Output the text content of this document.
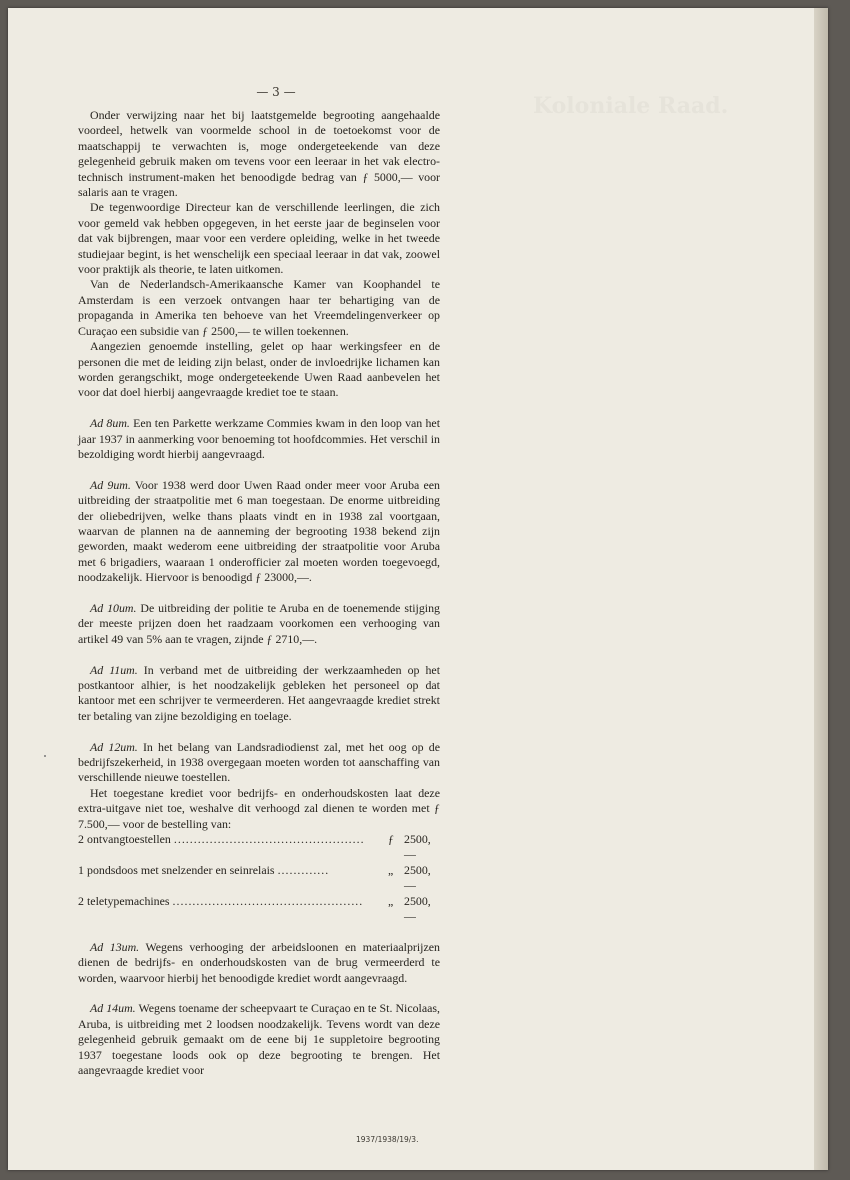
Koloniale Raad.
— 3 —

Onder verwijzing naar het bij laatstgemelde begrooting aangehaalde voordeel, hetwelk van voormelde school in de toetoekomst voor de maatschappij te verwachten is, moge ondergeteekende van deze gelegenheid gebruik maken om tevens voor een leeraar in het vak electro-technisch instrument-maken het benoodigde bedrag van ƒ 5000,— voor salaris aan te vragen.

De tegenwoordige Directeur kan de verschillende leerlingen, die zich voor gemeld vak hebben opgegeven, in het eerste jaar de beginselen voor dat vak bijbrengen, maar voor een verdere opleiding, welke in het tweede studiejaar begint, is het wenschelijk een speciaal leeraar in dat vak, zoowel voor praktijk als theorie, te laten uitkomen.

Van de Nederlandsch-Amerikaansche Kamer van Koophandel te Amsterdam is een verzoek ontvangen haar ter behartiging van de propaganda in Amerika ten behoeve van het Vreemdelingenverkeer op Curaçao een subsidie van ƒ 2500,— te willen toekennen.

Aangezien genoemde instelling, gelet op haar werkingsfeer en de personen die met de leiding zijn belast, onder de invloedrijke lichamen kan worden gerangschikt, moge ondergeteekende Uwen Raad aanbevelen het voor dat doel hierbij aangevraagde krediet toe te staan.

Ad 8um. Een ten Parkette werkzame Commies kwam in den loop van het jaar 1937 in aanmerking voor benoeming tot hoofdcommies. Het verschil in bezoldiging wordt hierbij aangevraagd.

Ad 9um. Voor 1938 werd door Uwen Raad onder meer voor Aruba een uitbreiding der straatpolitie met 6 man toegestaan. De enorme uitbreiding der oliebedrijven, welke thans plaats vindt en in 1938 zal voortgaan, waarvan de plannen na de aanneming der begrooting 1938 bekend zijn geworden, maakt wederom eene uitbreiding der straatpolitie voor Aruba met 6 brigadiers, waaraan 1 onderofficier zal moeten worden toegevoegd, noodzakelijk. Hiervoor is benoodigd ƒ 23000,—.

Ad 10um. De uitbreiding der politie te Aruba en de toenemende stijging der meeste prijzen doen het raadzaam voorkomen een verhooging van artikel 49 van 5% aan te vragen, zijnde ƒ 2710,—.

Ad 11um. In verband met de uitbreiding der werkzaamheden op het postkantoor alhier, is het noodzakelijk gebleken het personeel op dat kantoor met een schrijver te vermeerderen. Het aangevraagde krediet strekt ter betaling van zijne bezoldiging en toelage.

Ad 12um. In het belang van Landsradiodienst zal, met het oog op de bedrijfszekerheid, in 1938 overgegaan moeten worden tot aanschaffing van verschillende nieuwe toestellen.

Het toegestane krediet voor bedrijfs- en onderhoudskosten laat deze extra-uitgave niet toe, weshalve dit verhoogd zal dienen te worden met ƒ 7.500,— voor de bestelling van:

2 ontvangtoestellen ................................................	ƒ 2500,—
1 pondsdoos met snelzender en seinrelais .............	„ 2500,—
2 teletypemachines ................................................	„ 2500,—

Ad 13um. Wegens verhooging der arbeidsloonen en materiaalprijzen dienen de bedrijfs- en onderhoudskosten van de brug vermeerderd te worden, waarvoor hierbij het benoodigde krediet wordt aangevraagd.

Ad 14um. Wegens toename der scheepvaart te Curaçao en te St. Nicolaas, Aruba, is uitbreiding met 2 loodsen noodzakelijk. Tevens wordt van deze gelegenheid gebruik gemaakt om de eene bij 1e suppletoire begrooting 1937 toegestane loods ook op deze begrooting te brengen. Het aangevraagde krediet voor

1937/1938/19/3.
